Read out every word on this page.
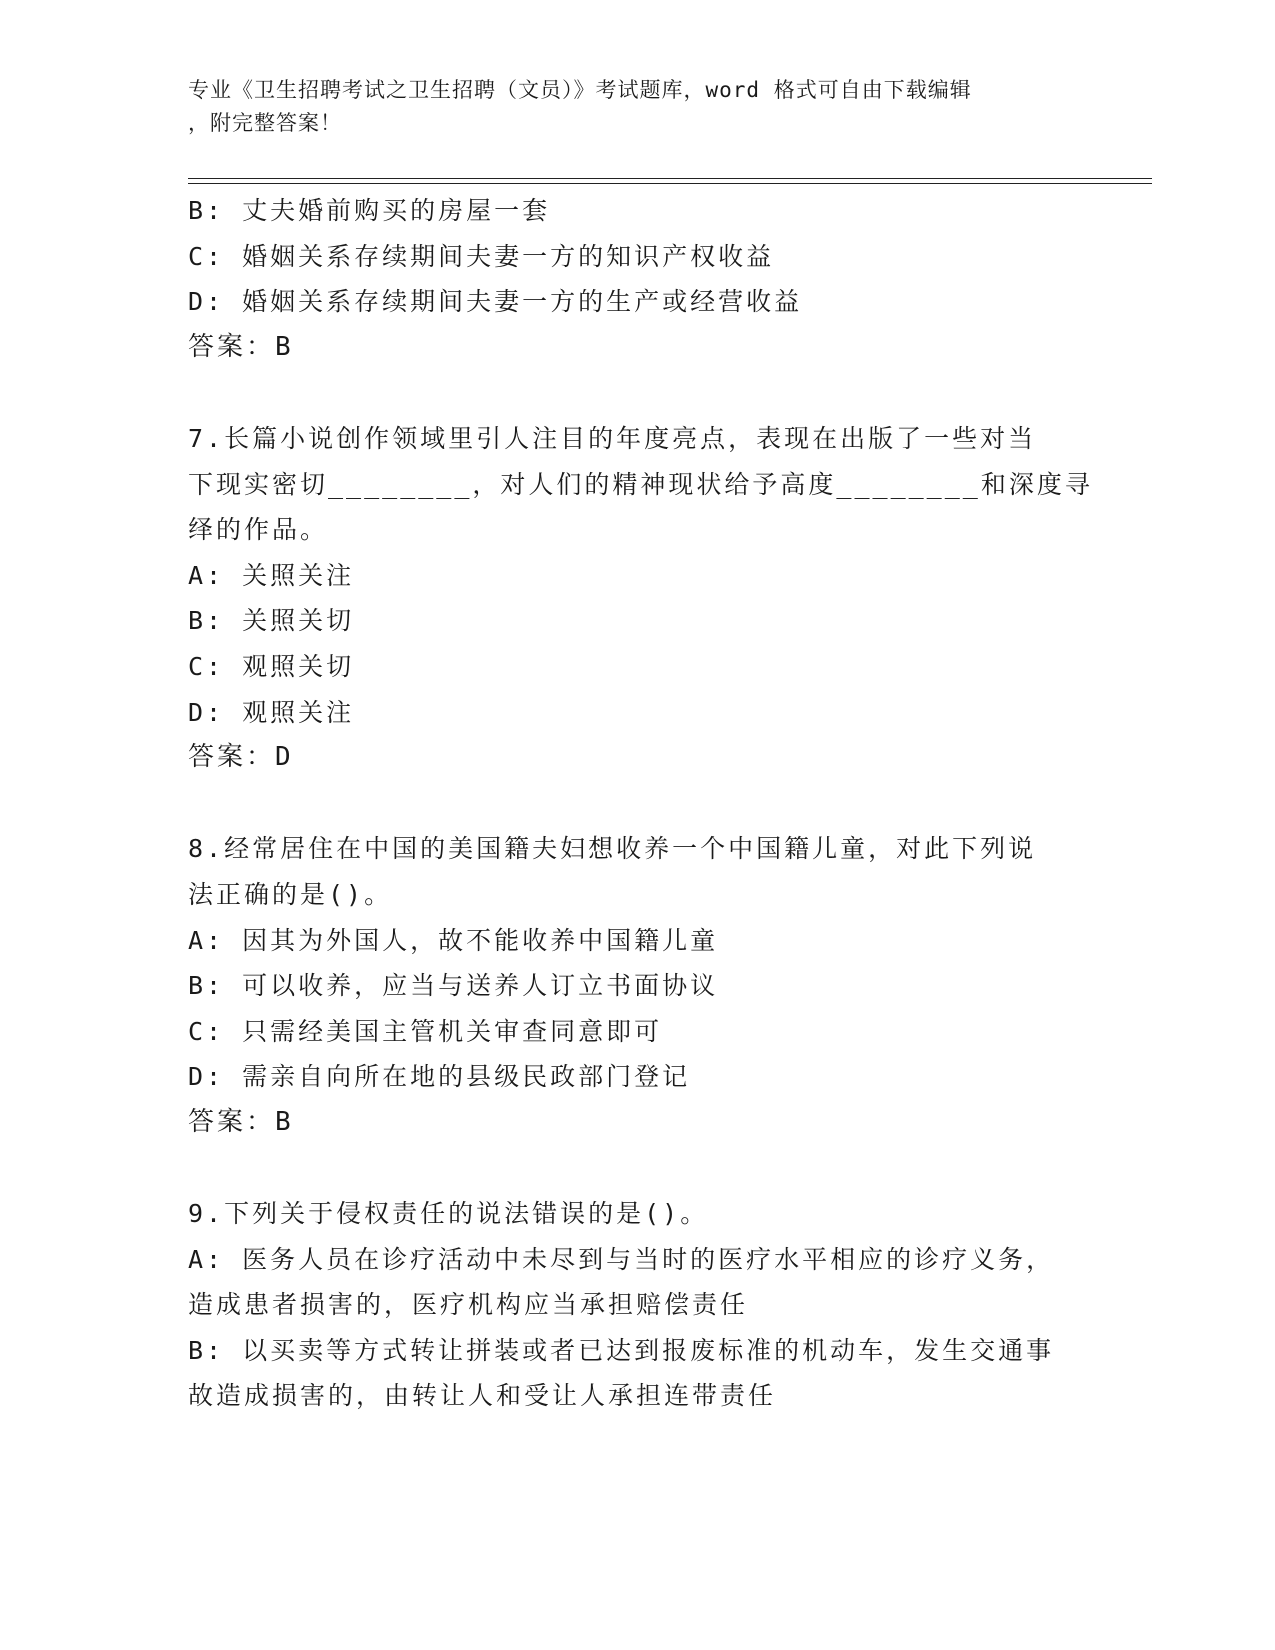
专业《卫生招聘考试之卫生招聘（文员）》考试题库，word 格式可自由下载编辑
，附完整答案！
B: 丈夫婚前购买的房屋一套
C: 婚姻关系存续期间夫妻一方的知识产权收益
D: 婚姻关系存续期间夫妻一方的生产或经营收益
答案：B
7.长篇小说创作领域里引人注目的年度亮点，表现在出版了一些对当
下现实密切________，对人们的精神现状给予高度________和深度寻
绎的作品。
A: 关照关注
B: 关照关切
C: 观照关切
D: 观照关注
答案：D
8.经常居住在中国的美国籍夫妇想收养一个中国籍儿童，对此下列说
法正确的是()。
A: 因其为外国人，故不能收养中国籍儿童
B: 可以收养，应当与送养人订立书面协议
C: 只需经美国主管机关审查同意即可
D: 需亲自向所在地的县级民政部门登记
答案：B
9.下列关于侵权责任的说法错误的是()。
A: 医务人员在诊疗活动中未尽到与当时的医疗水平相应的诊疗义务，
造成患者损害的，医疗机构应当承担赔偿责任
B: 以买卖等方式转让拼装或者已达到报废标准的机动车，发生交通事
故造成损害的，由转让人和受让人承担连带责任
